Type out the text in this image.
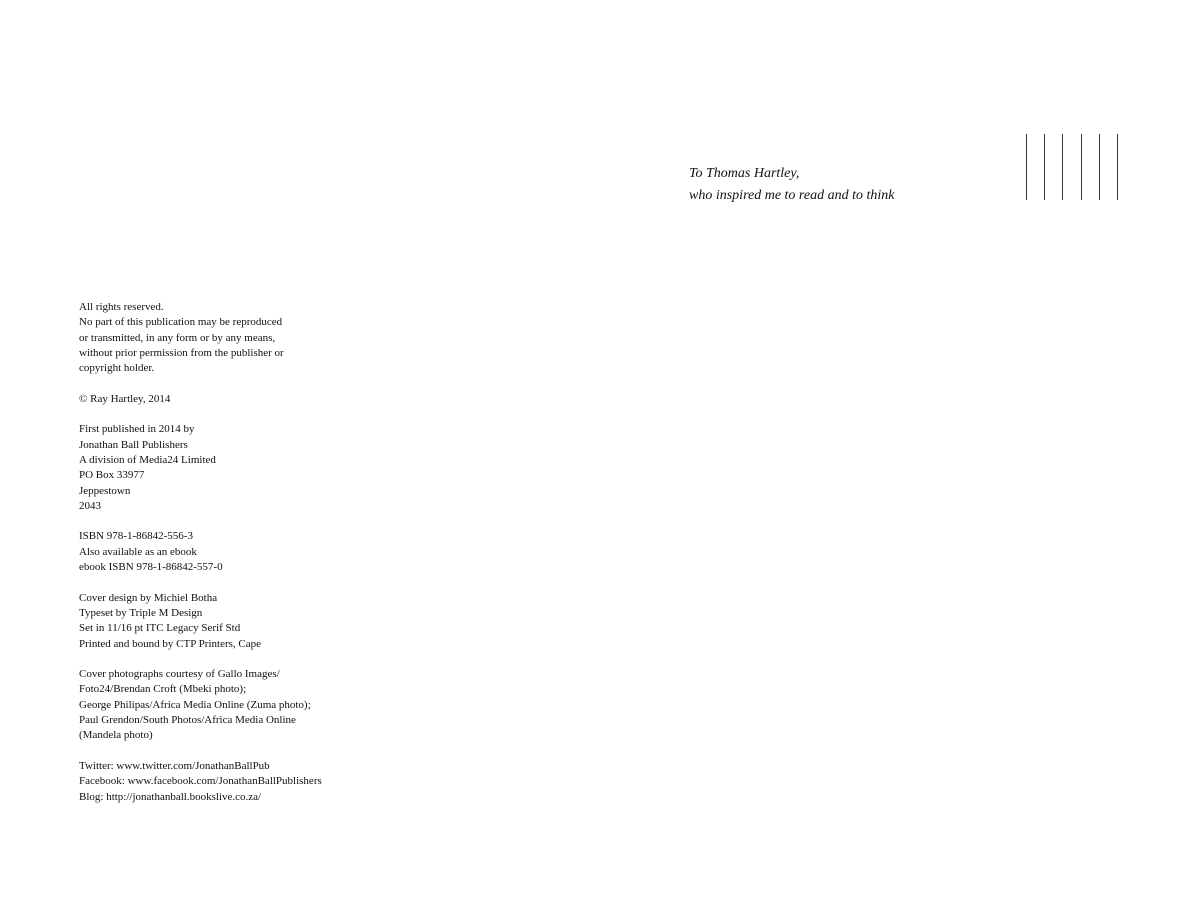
To Thomas Hartley,
who inspired me to read and to think
All rights reserved.
No part of this publication may be reproduced
or transmitted, in any form or by any means,
without prior permission from the publisher or
copyright holder.
© Ray Hartley, 2014
First published in 2014 by
Jonathan Ball Publishers
A division of Media24 Limited
PO Box 33977
Jeppestown
2043
ISBN 978-1-86842-556-3
Also available as an ebook
ebook ISBN 978-1-86842-557-0
Cover design by Michiel Botha
Typeset by Triple M Design
Set in 11/16 pt ITC Legacy Serif Std
Printed and bound by CTP Printers, Cape
Cover photographs courtesy of Gallo Images/
Foto24/Brendan Croft (Mbeki photo);
George Philipas/Africa Media Online (Zuma photo);
Paul Grendon/South Photos/Africa Media Online
(Mandela photo)
Twitter: www.twitter.com/JonathanBallPub
Facebook: www.facebook.com/JonathanBallPublishers
Blog: http://jonathanball.bookslive.co.za/
